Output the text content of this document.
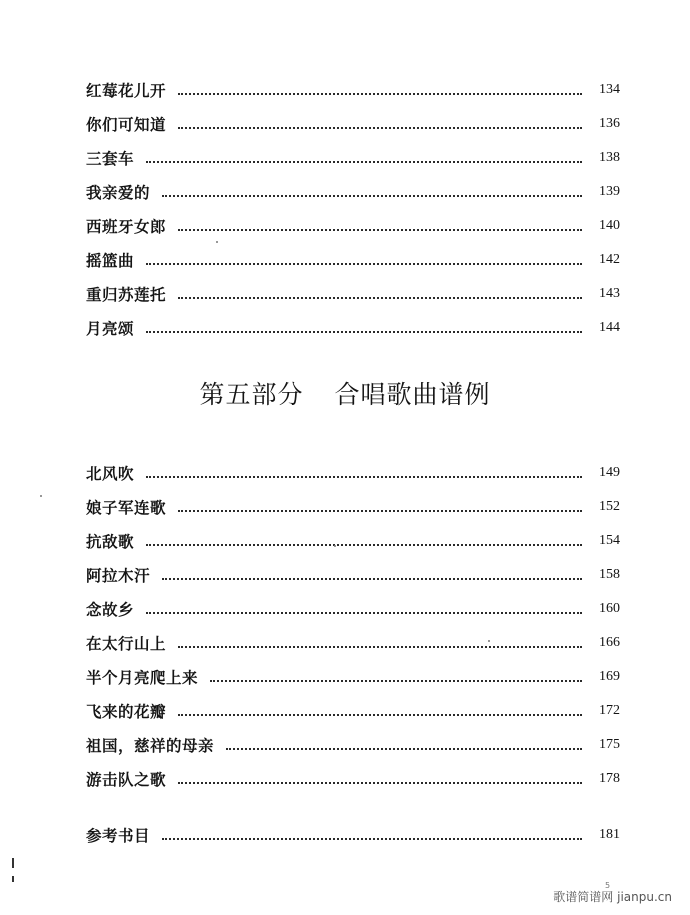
红莓花儿开	134
你们可知道	136
三套车	138
我亲爱的	139
西班牙女郎	140
摇篮曲	142
重归苏莲托	143
月亮颂	144
第五部分 合唱歌曲谱例
北风吹	149
娘子军连歌	152
抗敌歌	154
阿拉木汗	158
念故乡	160
在太行山上	166
半个月亮爬上来	169
飞来的花瓣	172
祖国，慈祥的母亲	175
游击队之歌	178
参考书目	181
5
歌谱简谱网 jianpu.cn
